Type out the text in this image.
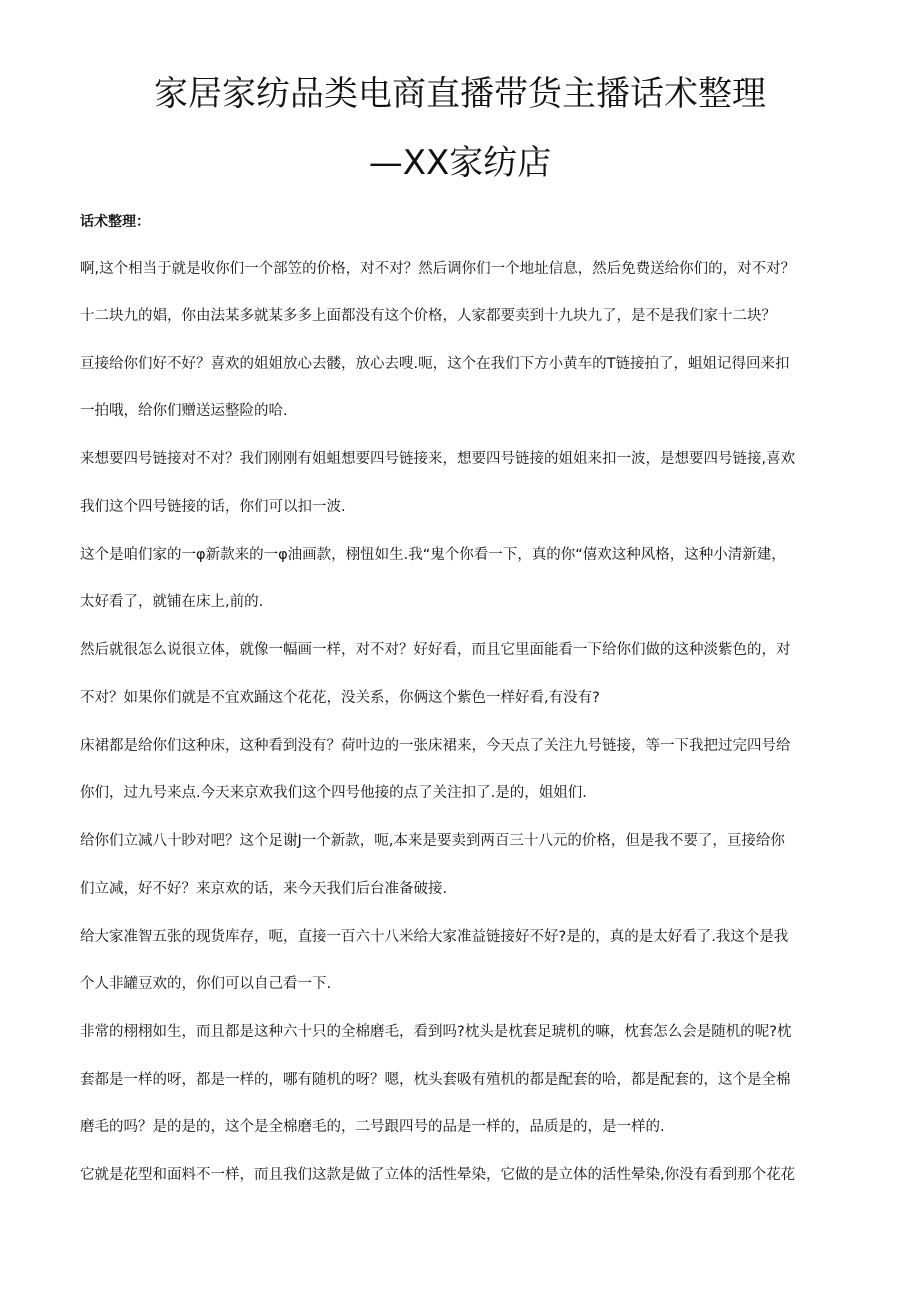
家居家纺品类电商直播带货主播话术整理
—XX家纺店

话术整理：

啊,这个相当于就是收你们一个部笠的价格，对不对？然后调你们一个地址信息，然后免费送给你们的，对不对？

十二块九的娼，你由法某多就某多多上面都没有这个价格，人家都要卖到十九块九了，是不是我们家十二块？

亘接给你们好不好？喜欢的姐姐放心去髅，放心去嗖.呃，这个在我们下方小黄车的T链接拍了，蛆姐记得回来扣

一拍哦，给你们赠送运整险的哈.

来想要四号链接对不对？我们刚刚有姐蛆想要四号链接来，想要四号链接的姐姐来扣一波，是想要四号链接,喜欢

我们这个四号链接的话，你们可以扣一波.

这个是咱们家的一φ新款来的一φ油画款，栩忸如生.我“鬼个你看一下，真的你“僖欢这种风格，这种小清新建，

太好看了，就铺在床上,前的.

然后就很怎么说很立体，就像一幅画一样，对不对？好好看，而且它里面能看一下给你们做的这种淡紫色的，对

不对？如果你们就是不宜欢踊这个花花，没关系，你俩这个紫色一样好看,有没有?

床裙都是给你们这种床，这种看到没有？荷叶边的一张床裙来，今天点了关注九号链接，等一下我把过完四号给

你们，过九号来点.今天来京欢我们这个四号他接的点了关注扣了.是的，姐姐们.

给你们立减八十眇对吧？这个足谢J一个新款，呃,本来是要卖到两百三十八元的价格，但是我不要了，亘接给你

们立减，好不好？来京欢的话，来今天我们后台准备破接.

给大家准智五张的现货库存，呃，直接一百六十八米给大家准益链接好不好?是的，真的是太好看了.我这个是我

个人非罐豆欢的，你们可以自己看一下.

非常的栩栩如生，而且都是这种六十只的全棉磨毛，看到吗?枕头是枕套足琥机的嘛，枕套怎么会是随机的呢?枕

套都是一样的呀，都是一样的，哪有随机的呀？嗯，枕头套吸有殖机的都是配套的哈，都是配套的，这个是全棉

磨毛的吗？是的是的，这个是全棉磨毛的，二号跟四号的品是一样的，品质是的，是一样的.

它就是花型和面料不一样，而且我们这款是做了立体的活性晕染，它做的是立体的活性晕染,你没有看到那个花花
